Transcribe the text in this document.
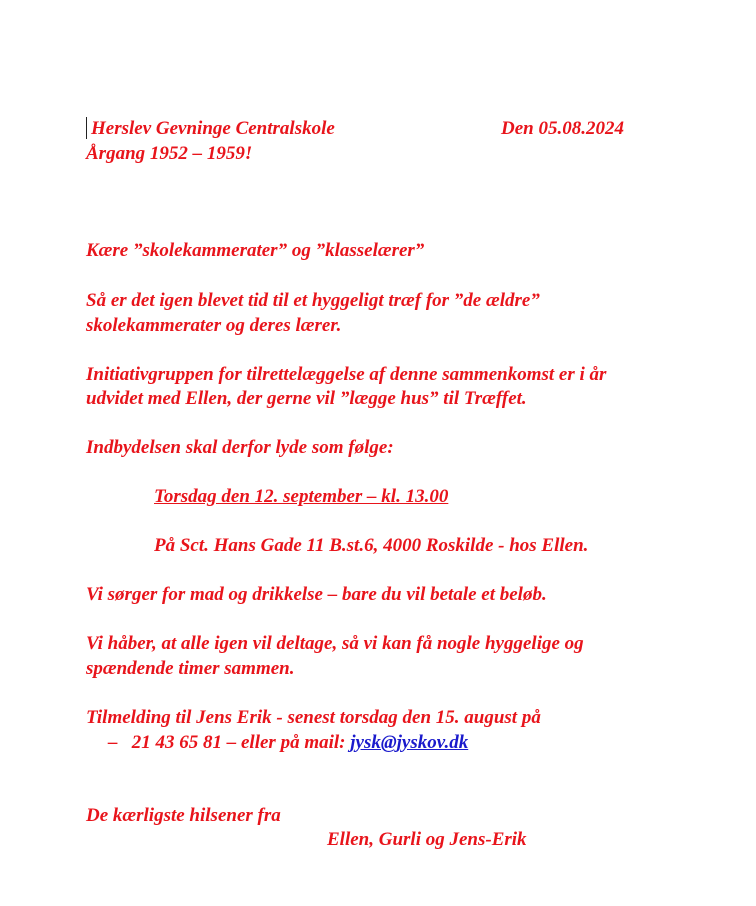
Herslev Gevninge Centralskole	Den 05.08.2024
Årgang 1952 – 1959!
Kære ”skolekammerater” og ”klasselærer”
Så er det igen blevet tid til et hyggeligt træf for ”de ældre”
skolekammerater og deres lærer.
Initiativgruppen for tilrettelæggelse af denne sammenkomst er i år
udvidet med Ellen, der gerne vil ”lægge hus” til Træffet.
Indbydelsen skal derfor lyde som følge:
Torsdag den 12. september – kl. 13.00
På Sct. Hans Gade 11 B.st.6, 4000 Roskilde - hos Ellen.
Vi sørger for mad og drikkelse – bare du vil betale et beløb.
Vi håber, at alle igen vil deltage, så vi kan få nogle hyggelige og
spændende timer sammen.
Tilmelding til Jens Erik - senest torsdag den 15. august på
–   21 43 65 81 – eller på mail: jysk@jyskov.dk
De kærligste hilsener fra
Ellen, Gurli og Jens-Erik
